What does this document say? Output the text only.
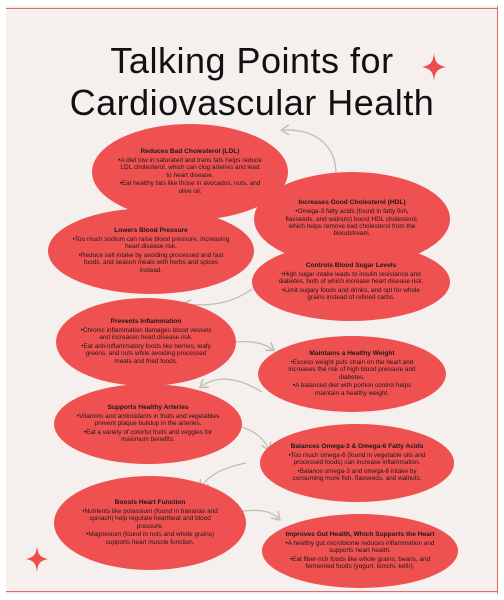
Talking Points for
Cardiovascular Health
Reduces Bad Cholesterol (LDL)
• A diet low in saturated and trans fats helps reduce LDL cholesterol, which can clog arteries and lead to heart disease.
• Eat healthy fats like those in avocados, nuts, and olive oil.
Increases Good Cholesterol (HDL)
• Omega-3 fatty acids (found in fatty fish, flaxseeds, and walnuts) boost HDL cholesterol, which helps remove bad cholesterol from the bloodstream.
Lowers Blood Pressure
• Too much sodium can raise blood pressure, increasing heart disease risk.
• Reduce salt intake by avoiding processed and fast foods, and season meals with herbs and spices instead.
Controls Blood Sugar Levels
• High sugar intake leads to insulin resistance and diabetes, both of which increase heart disease risk.
• Limit sugary foods and drinks, and opt for whole grains instead of refined carbs.
Prevents Inflammation
• Chronic inflammation damages blood vessels and increases heart disease risk.
• Eat anti-inflammatory foods like berries, leafy greens, and nuts while avoiding processed meats and fried foods.
Maintains a Healthy Weight
• Excess weight puts strain on the heart and increases the risk of high blood pressure and diabetes.
• A balanced diet with portion control helps maintain a healthy weight.
Supports Healthy Arteries
• Vitamins and antioxidants in fruits and vegetables prevent plaque buildup in the arteries.
• Eat a variety of colorful fruits and veggies for maximum benefits.
Balances Omega-3 & Omega-6 Fatty Acids
• Too much omega-6 (found in vegetable oils and processed foods) can increase inflammation.
• Balance omega-3 and omega-6 intake by consuming more fish, flaxseeds, and walnuts.
Boosts Heart Function
• Nutrients like potassium (found in bananas and spinach) help regulate heartbeat and blood pressure.
• Magnesium (found in nuts and whole grains) supports heart muscle function.
Improves Gut Health, Which Supports the Heart
• A healthy gut microbiome reduces inflammation and supports heart health.
• Eat fiber-rich foods like whole grains, beans, and fermented foods (yogurt, kimchi, kefir).
